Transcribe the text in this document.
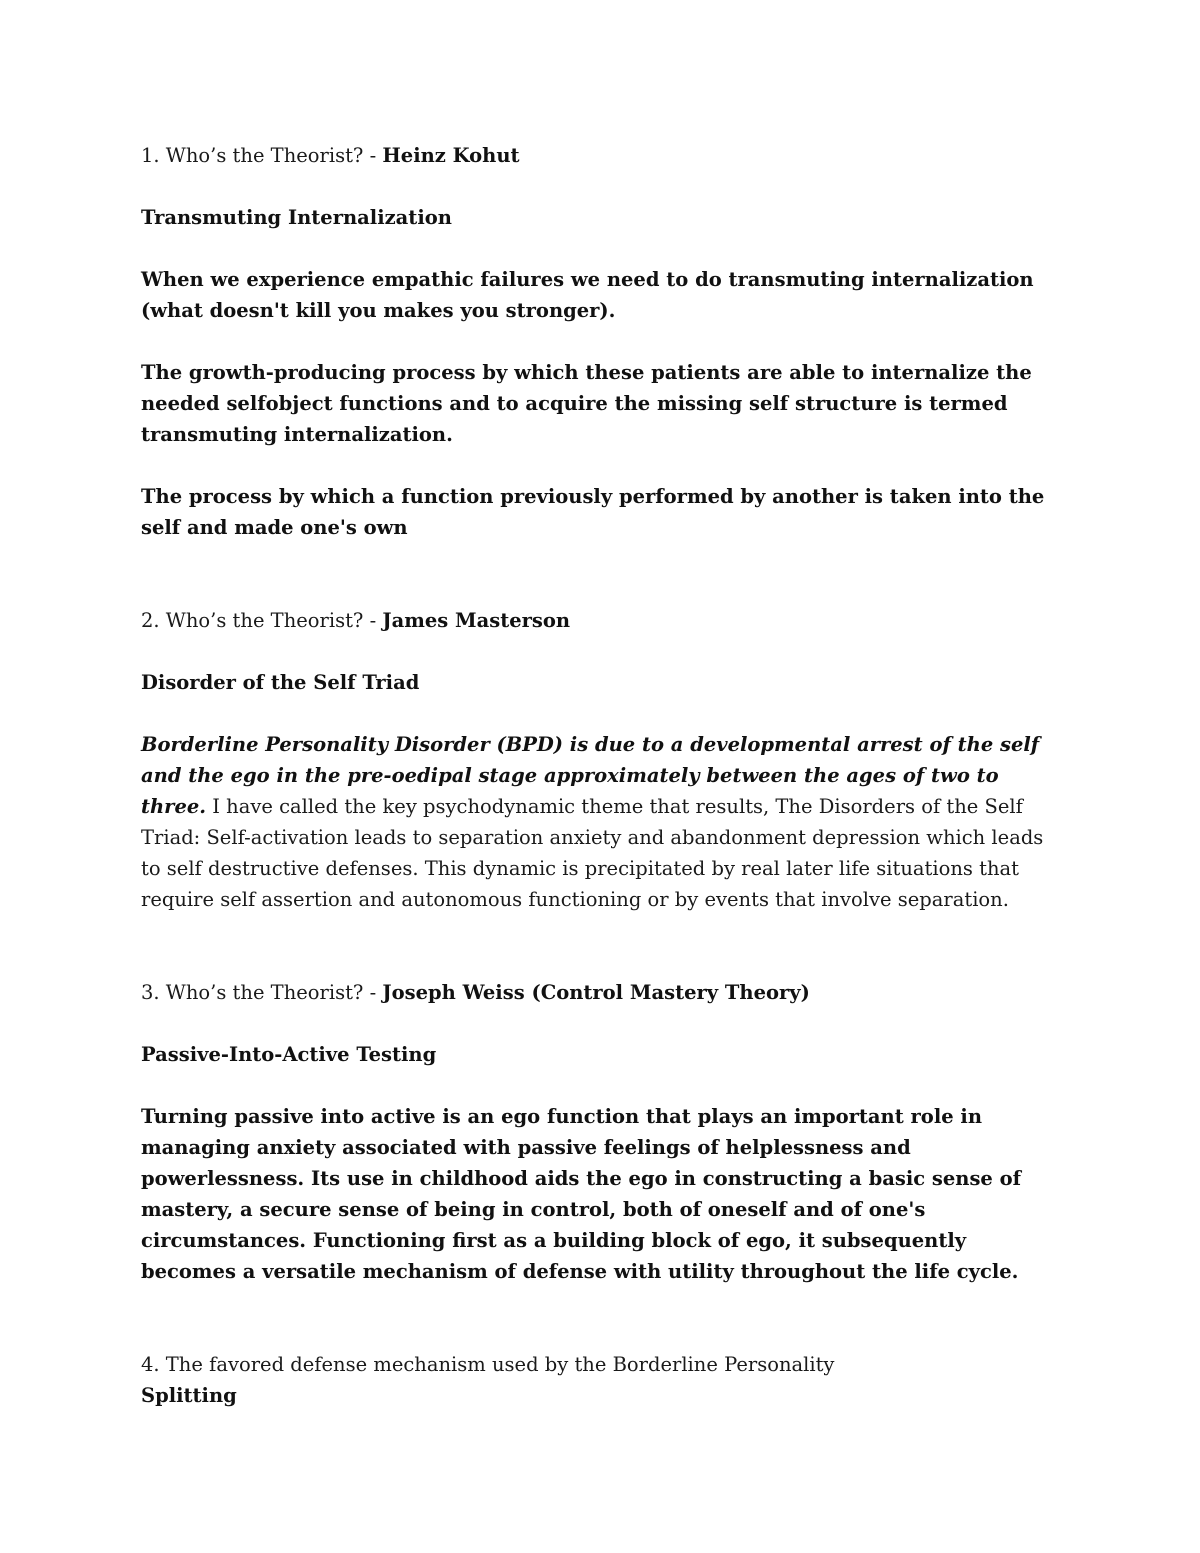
1. Who’s the Theorist? - Heinz Kohut

Transmuting Internalization

When we experience empathic failures we need to do transmuting internalization (what doesn't kill you makes you stronger).

The growth-producing process by which these patients are able to internalize the needed selfobject functions and to acquire the missing self structure is termed transmuting internalization.

The process by which a function previously performed by another is taken into the self and made one's own

2. Who’s the Theorist? - James Masterson

Disorder of the Self Triad

Borderline Personality Disorder (BPD) is due to a developmental arrest of the self and the ego in the pre-oedipal stage approximately between the ages of two to three. I have called the key psychodynamic theme that results, The Disorders of the Self Triad: Self-activation leads to separation anxiety and abandonment depression which leads to self destructive defenses. This dynamic is precipitated by real later life situations that require self assertion and autonomous functioning or by events that involve separation.

3. Who’s the Theorist? - Joseph Weiss (Control Mastery Theory)

Passive-Into-Active Testing

Turning passive into active is an ego function that plays an important role in managing anxiety associated with passive feelings of helplessness and powerlessness. Its use in childhood aids the ego in constructing a basic sense of mastery, a secure sense of being in control, both of oneself and of one's circumstances. Functioning first as a building block of ego, it subsequently becomes a versatile mechanism of defense with utility throughout the life cycle.

4. The favored defense mechanism used by the Borderline Personality

Splitting
